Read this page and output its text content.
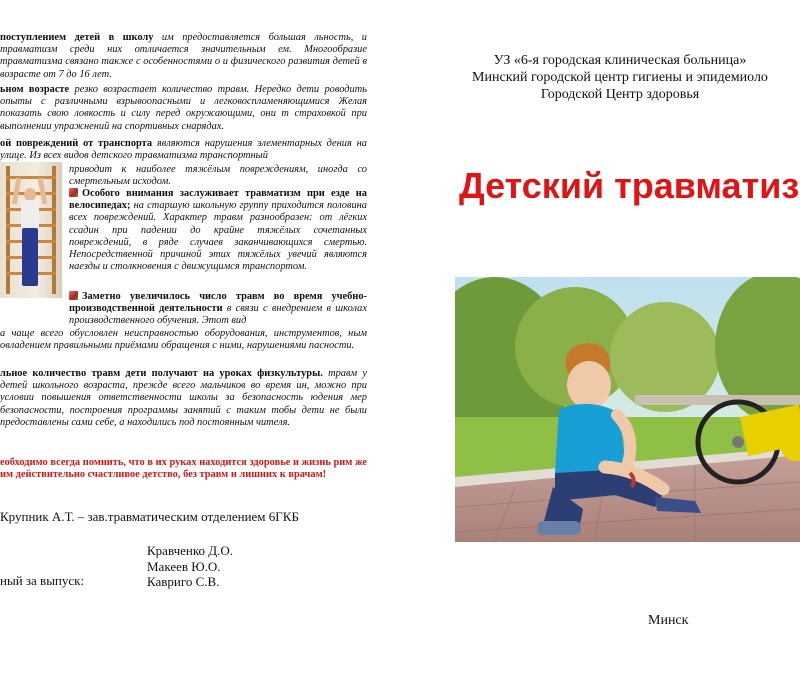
поступлением детей в школу им предоставляется большая льность, и травматизм среди них отличается значительным ем. Многообразие травматизма связано также с особенностями о и физического развития детей в возрасте от 7 до 16 лет.
ьном возрасте резко возрастает количество травм. Нередко дети роводить опыты с различными взрывоопасными и легковоспламеняющимися Желая показать свою ловкость и силу перед окружающими, они т страховкой при выполнении упражнений на спортивных снарядах.
ой повреждений от транспорта являются нарушения элементарных дения на улице. Из всех видов детского травматизма транспортный
приводит к наиболее тяжёлым повреждениям, иногда со смертельным исходом.
Особого внимания заслуживает травматизм при езде на велосипедах; на старшую школьную группу приходится половина всех повреждений. Характер травм разнообразен: от лёгких ссадин при падении до крайне тяжёлых сочетанных повреждений, в ряде случаев заканчивающихся смертью. Непосредственной причиной этих тяжёлых увечий являются наезды и столкновения с движущимся транспортом.
Заметно увеличилось число травм во время учебно-производственной деятельности в связи с внедрением в школах производственного обучения. Этот вид
а чаще всего обусловлен неисправностью оборудования, инструментов, ным овладением правильными приёмами обращения с ними, нарушениями пасности.
льное количество травм дети получают на уроках физкультуры. травм у детей школьного возраста, прежде всего мальчиков во время ин, можно при условии повышения ответственности школы за безопасность юдения мер безопасности, построения программы занятий с таким тобы дети не были предоставлены сами себе, а находились под постоянным чителя.
еобходимо всегда помнить, что в их руках находится здоровье и жизнь рим же им действительно счастливое детство, без травм и лишних к врачам!
Крупник А.Т. – зав.травматическим отделением 6ГКБ
Кравченко Д.О.
Макеев Ю.О.
Кавриго С.В.
ный за выпуск:
УЗ «6-я городская клиническая больница»
Минский городской центр гигиены и эпидемиоло
Городской Центр здоровья
Детский травматиз
Минск
